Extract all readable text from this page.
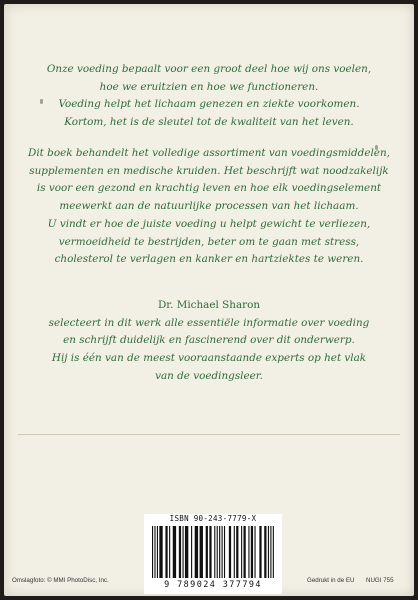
Onze voeding bepaalt voor een groot deel hoe wij ons voelen,
hoe we eruitzien en hoe we functioneren.
Voeding helpt het lichaam genezen en ziekte voorkomen.
Kortom, het is de sleutel tot de kwaliteit van het leven.
Dit boek behandelt het volledige assortiment van voedingsmiddelen,
supplementen en medische kruiden. Het beschrijft wat noodzakelijk
is voor een gezond en krachtig leven en hoe elk voedingselement
meewerkt aan de natuurlijke processen van het lichaam.
U vindt er hoe de juiste voeding u helpt gewicht te verliezen,
vermoeidheid te bestrijden, beter om te gaan met stress,
cholesterol te verlagen en kanker en hartziektes te weren.
Dr. Michael Sharon
selecteert in dit werk alle essentiële informatie over voeding
en schrijft duidelijk en fascinerend over dit onderwerp.
Hij is één van de meest vooraanstaande experts op het vlak
van de voedingsleer.
ISBN 90-243-7779-X
9 789024 377794
Omslagfoto: © MMI PhotoDisc, Inc.	Gedrukt in de EU NUGI 755
